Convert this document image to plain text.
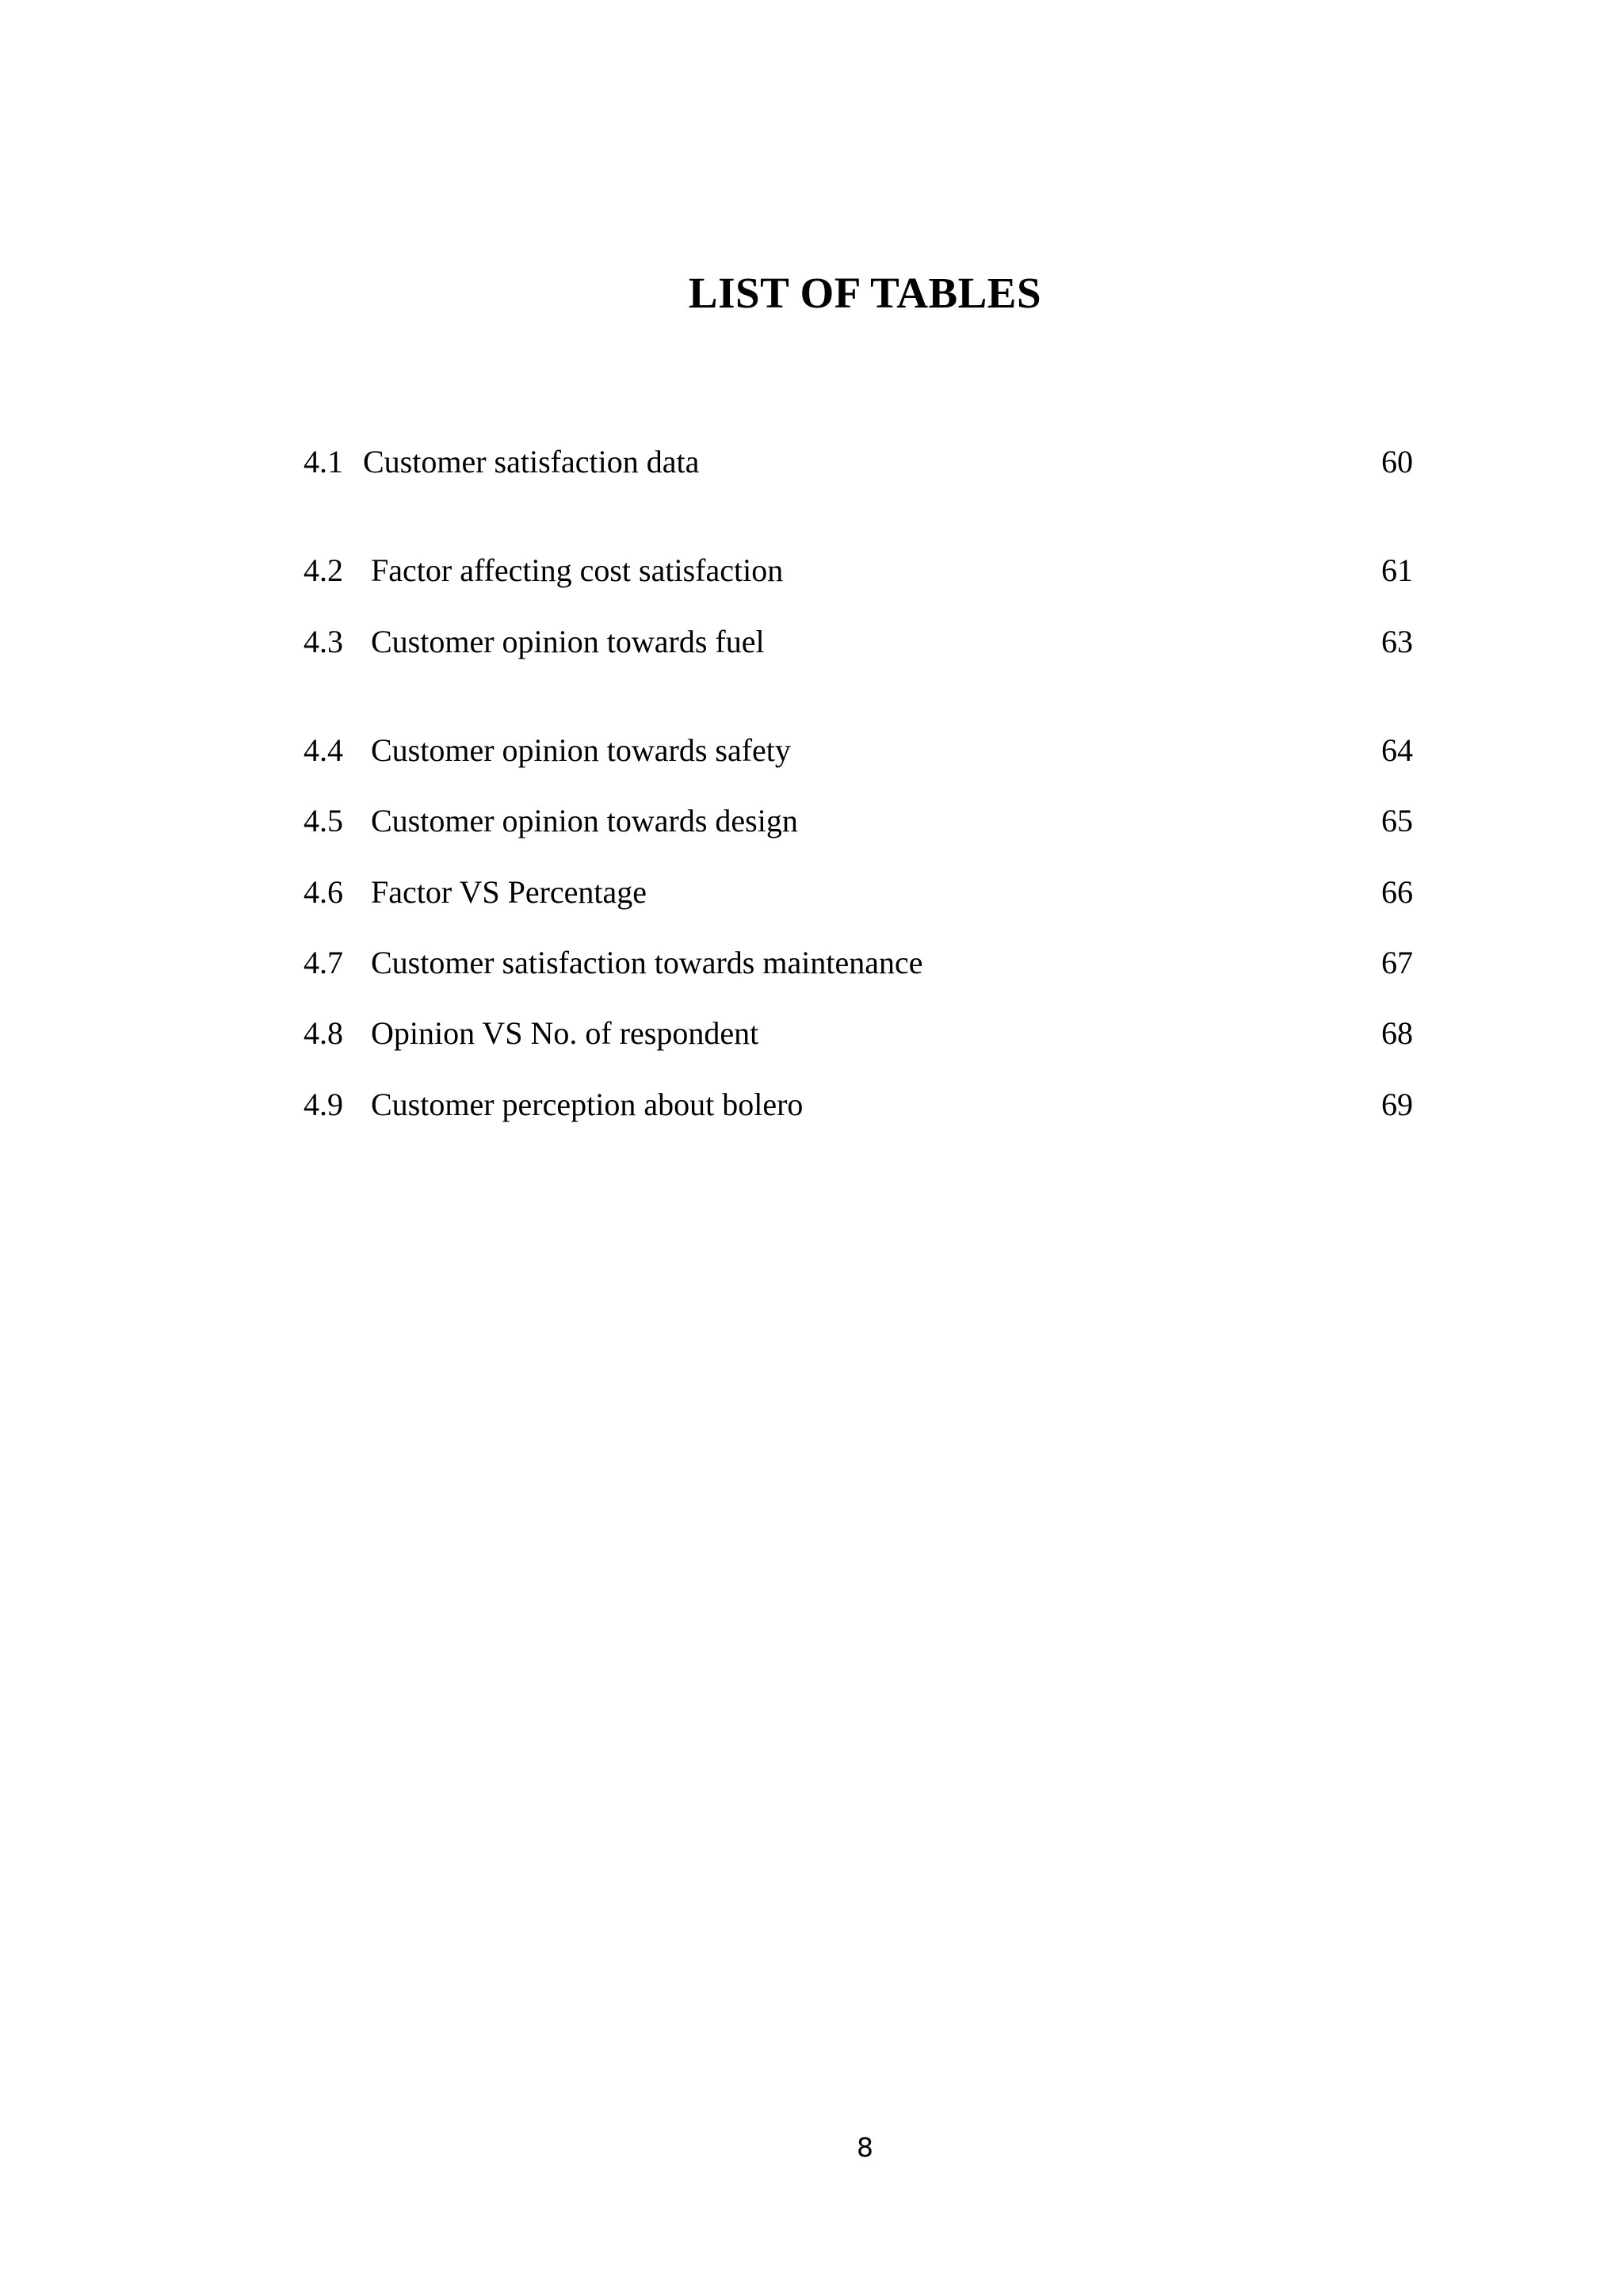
LIST OF TABLES
4.1 Customer satisfaction data	60
4.2 Factor affecting cost satisfaction	61
4.3 Customer opinion towards fuel	63
4.4 Customer opinion towards safety	64
4.5 Customer opinion towards design	65
4.6 Factor VS Percentage	66
4.7 Customer satisfaction towards maintenance	67
4.8 Opinion VS No. of respondent	68
4.9 Customer perception about bolero	69
8
